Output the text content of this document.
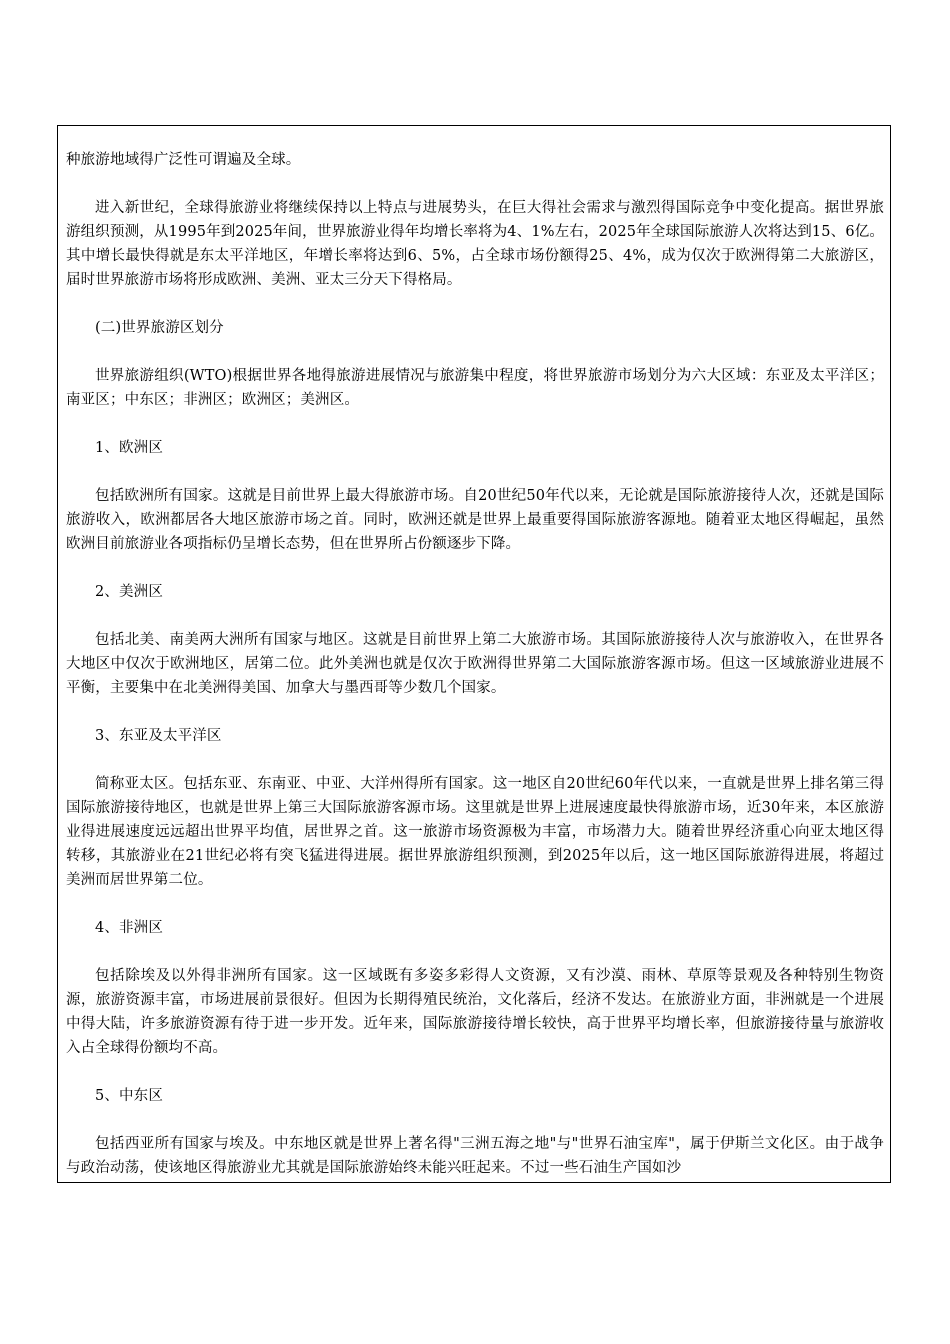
种旅游地域得广泛性可谓遍及全球。

进入新世纪，全球得旅游业将继续保持以上特点与进展势头，在巨大得社会需求与激烈得国际竞争中变化提高。据世界旅游组织预测，从1995年到2025年间，世界旅游业得年均增长率将为4、1%左右，2025年全球国际旅游人次将达到15、6亿。其中增长最快得就是东太平洋地区，年增长率将达到6、5%，占全球市场份额得25、4%，成为仅次于欧洲得第二大旅游区，届时世界旅游市场将形成欧洲、美洲、亚太三分天下得格局。

(二)世界旅游区划分

世界旅游组织(WTO)根据世界各地得旅游进展情况与旅游集中程度，将世界旅游市场划分为六大区域：东亚及太平洋区；南亚区；中东区；非洲区；欧洲区；美洲区。

1、欧洲区

包括欧洲所有国家。这就是目前世界上最大得旅游市场。自20世纪50年代以来，无论就是国际旅游接待人次，还就是国际旅游收入，欧洲都居各大地区旅游市场之首。同时，欧洲还就是世界上最重要得国际旅游客源地。随着亚太地区得崛起，虽然欧洲目前旅游业各项指标仍呈增长态势，但在世界所占份额逐步下降。

2、美洲区

包括北美、南美两大洲所有国家与地区。这就是目前世界上第二大旅游市场。其国际旅游接待人次与旅游收入，在世界各大地区中仅次于欧洲地区，居第二位。此外美洲也就是仅次于欧洲得世界第二大国际旅游客源市场。但这一区域旅游业进展不平衡，主要集中在北美洲得美国、加拿大与墨西哥等少数几个国家。

3、东亚及太平洋区

简称亚太区。包括东亚、东南亚、中亚、大洋州得所有国家。这一地区自20世纪60年代以来，一直就是世界上排名第三得国际旅游接待地区，也就是世界上第三大国际旅游客源市场。这里就是世界上进展速度最快得旅游市场，近30年来，本区旅游业得进展速度远远超出世界平均值，居世界之首。这一旅游市场资源极为丰富，市场潜力大。随着世界经济重心向亚太地区得转移，其旅游业在21世纪必将有突飞猛进得进展。据世界旅游组织预测，到2025年以后，这一地区国际旅游得进展，将超过美洲而居世界第二位。

4、非洲区

包括除埃及以外得非洲所有国家。这一区域既有多姿多彩得人文资源，又有沙漠、雨林、草原等景观及各种特别生物资源，旅游资源丰富，市场进展前景很好。但因为长期得殖民统治，文化落后，经济不发达。在旅游业方面，非洲就是一个进展中得大陆，许多旅游资源有待于进一步开发。近年来，国际旅游接待增长较快，高于世界平均增长率，但旅游接待量与旅游收入占全球得份额均不高。

5、中东区

包括西亚所有国家与埃及。中东地区就是世界上著名得"三洲五海之地"与"世界石油宝库"，属于伊斯兰文化区。由于战争与政治动荡，使该地区得旅游业尤其就是国际旅游始终未能兴旺起来。不过一些石油生产国如沙
